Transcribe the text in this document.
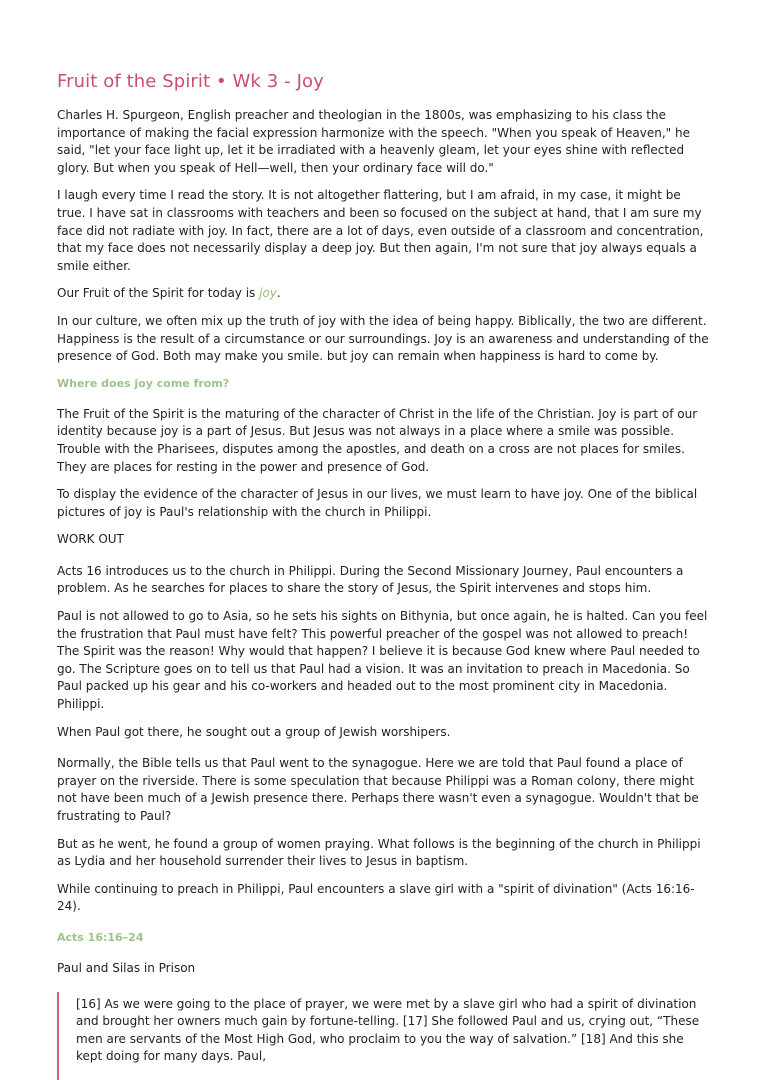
Fruit of the Spirit • Wk 3 - Joy

Charles H. Spurgeon, English preacher and theologian in the 1800s, was emphasizing to his class the importance of making the facial expression harmonize with the speech. "When you speak of Heaven," he said, "let your face light up, let it be irradiated with a heavenly gleam, let your eyes shine with reflected glory. But when you speak of Hell—well, then your ordinary face will do."

I laugh every time I read the story. It is not altogether flattering, but I am afraid, in my case, it might be true. I have sat in classrooms with teachers and been so focused on the subject at hand, that I am sure my face did not radiate with joy. In fact, there are a lot of days, even outside of a classroom and concentration, that my face does not necessarily display a deep joy. But then again, I'm not sure that joy always equals a smile either.

Our Fruit of the Spirit for today is joy.

In our culture, we often mix up the truth of joy with the idea of being happy. Biblically, the two are different. Happiness is the result of a circumstance or our surroundings. Joy is an awareness and understanding of the presence of God. Both may make you smile. but joy can remain when happiness is hard to come by.

Where does joy come from?

The Fruit of the Spirit is the maturing of the character of Christ in the life of the Christian. Joy is part of our identity because joy is a part of Jesus. But Jesus was not always in a place where a smile was possible. Trouble with the Pharisees, disputes among the apostles, and death on a cross are not places for smiles. They are places for resting in the power and presence of God.

To display the evidence of the character of Jesus in our lives, we must learn to have joy. One of the biblical pictures of joy is Paul's relationship with the church in Philippi.

WORK OUT

Acts 16 introduces us to the church in Philippi. During the Second Missionary Journey, Paul encounters a problem. As he searches for places to share the story of Jesus, the Spirit intervenes and stops him.

Paul is not allowed to go to Asia, so he sets his sights on Bithynia, but once again, he is halted. Can you feel the frustration that Paul must have felt? This powerful preacher of the gospel was not allowed to preach! The Spirit was the reason! Why would that happen? I believe it is because God knew where Paul needed to go. The Scripture goes on to tell us that Paul had a vision. It was an invitation to preach in Macedonia. So Paul packed up his gear and his co-workers and headed out to the most prominent city in Macedonia. Philippi.

When Paul got there, he sought out a group of Jewish worshipers.

Normally, the Bible tells us that Paul went to the synagogue. Here we are told that Paul found a place of prayer on the riverside. There is some speculation that because Philippi was a Roman colony, there might not have been much of a Jewish presence there. Perhaps there wasn't even a synagogue. Wouldn't that be frustrating to Paul?

But as he went, he found a group of women praying. What follows is the beginning of the church in Philippi as Lydia and her household surrender their lives to Jesus in baptism.

While continuing to preach in Philippi, Paul encounters a slave girl with a "spirit of divination" (Acts 16:16-24).

Acts 16:16–24

Paul and Silas in Prison

[16] As we were going to the place of prayer, we were met by a slave girl who had a spirit of divination and brought her owners much gain by fortune-telling. [17] She followed Paul and us, crying out, “These men are servants of the Most High God, who proclaim to you the way of salvation.” [18] And this she kept doing for many days. Paul,
